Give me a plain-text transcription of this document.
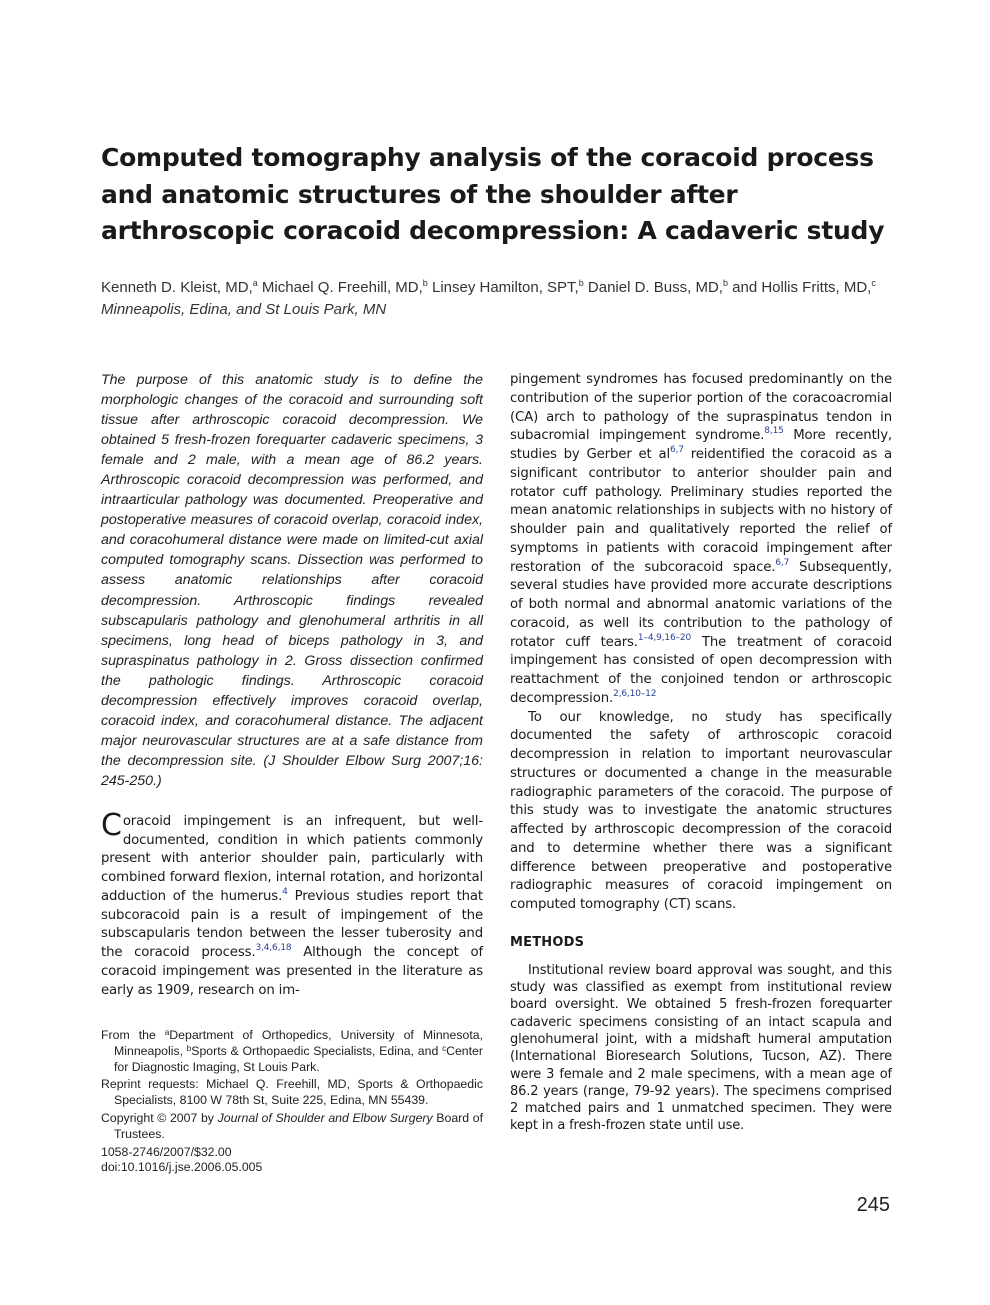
Computed tomography analysis of the coracoid process and anatomic structures of the shoulder after arthroscopic coracoid decompression: A cadaveric study
Kenneth D. Kleist, MD,$^a$ Michael Q. Freehill, MD,$^b$ Linsey Hamilton, SPT,$^b$ Daniel D. Buss, MD,$^b$ and Hollis Fritts, MD,$^c$ Minneapolis, Edina, and St Louis Park, MN

The purpose of this anatomic study is to define the morphologic changes of the coracoid and surrounding soft tissue after arthroscopic coracoid decompression. We obtained 5 fresh-frozen forequarter cadaveric specimens, 3 female and 2 male, with a mean age of 86.2 years. Arthroscopic coracoid decompression was performed, and intraarticular pathology was documented. Preoperative and postoperative measures of coracoid overlap, coracoid index, and coracohumeral distance were made on limited-cut axial computed tomography scans. Dissection was performed to assess anatomic relationships after coracoid decompression. Arthroscopic findings revealed subscapularis pathology and glenohumeral arthritis in all specimens, long head of biceps pathology in 3, and supraspinatus pathology in 2. Gross dissection confirmed the pathologic findings. Arthroscopic coracoid decompression effectively improves coracoid overlap, coracoid index, and coracohumeral distance. The adjacent major neurovascular structures are at a safe distance from the decompression site. (J Shoulder Elbow Surg 2007;16: 245-250.)

Coracoid impingement is an infrequent, but well-documented, condition in which patients commonly present with anterior shoulder pain, particularly with combined forward flexion, internal rotation, and horizontal adduction of the humerus.$^4$ Previous studies report that subcoracoid pain is a result of impingement of the subscapularis tendon between the lesser tuberosity and the coracoid process.$^{3,4,6,18}$ Although the concept of coracoid impingement was presented in the literature as early as 1909, research on im-

From the $^a$Department of Orthopedics, University of Minnesota, Minneapolis, $^b$Sports & Orthopaedic Specialists, Edina, and $^c$Center for Diagnostic Imaging, St Louis Park.

Reprint requests: Michael Q. Freehill, MD, Sports & Orthopaedic Specialists, 8100 W 78th St, Suite 225, Edina, MN 55439.

Copyright © 2007 by Journal of Shoulder and Elbow Surgery Board of Trustees.

1058-2746/2007/$32.00

doi:10.1016/j.jse.2006.05.005

pingement syndromes has focused predominantly on the contribution of the superior portion of the coracoacromial (CA) arch to pathology of the supraspinatus tendon in subacromial impingement syndrome.$^{8,15}$ More recently, studies by Gerber et al$^{6,7}$ reidentified the coracoid as a significant contributor to anterior shoulder pain and rotator cuff pathology. Preliminary studies reported the mean anatomic relationships in subjects with no history of shoulder pain and qualitatively reported the relief of symptoms in patients with coracoid impingement after restoration of the subcoracoid space.$^{6,7}$ Subsequently, several studies have provided more accurate descriptions of both normal and abnormal anatomic variations of the coracoid, as well its contribution to the pathology of rotator cuff tears.$^{1-4,9,16-20}$ The treatment of coracoid impingement has consisted of open decompression with reattachment of the conjoined tendon or arthroscopic decompression.$^{2,6,10-12}$

To our knowledge, no study has specifically documented the safety of arthroscopic coracoid decompression in relation to important neurovascular structures or documented a change in the measurable radiographic parameters of the coracoid. The purpose of this study was to investigate the anatomic structures affected by arthroscopic decompression of the coracoid and to determine whether there was a significant difference between preoperative and postoperative radiographic measures of coracoid impingement on computed tomography (CT) scans.

METHODS

Institutional review board approval was sought, and this study was classified as exempt from institutional review board oversight. We obtained 5 fresh-frozen forequarter cadaveric specimens consisting of an intact scapula and glenohumeral joint, with a midshaft humeral amputation (International Bioresearch Solutions, Tucson, AZ). There were 3 female and 2 male specimens, with a mean age of 86.2 years (range, 79-92 years). The specimens comprised 2 matched pairs and 1 unmatched specimen. They were kept in a fresh-frozen state until use.

245
